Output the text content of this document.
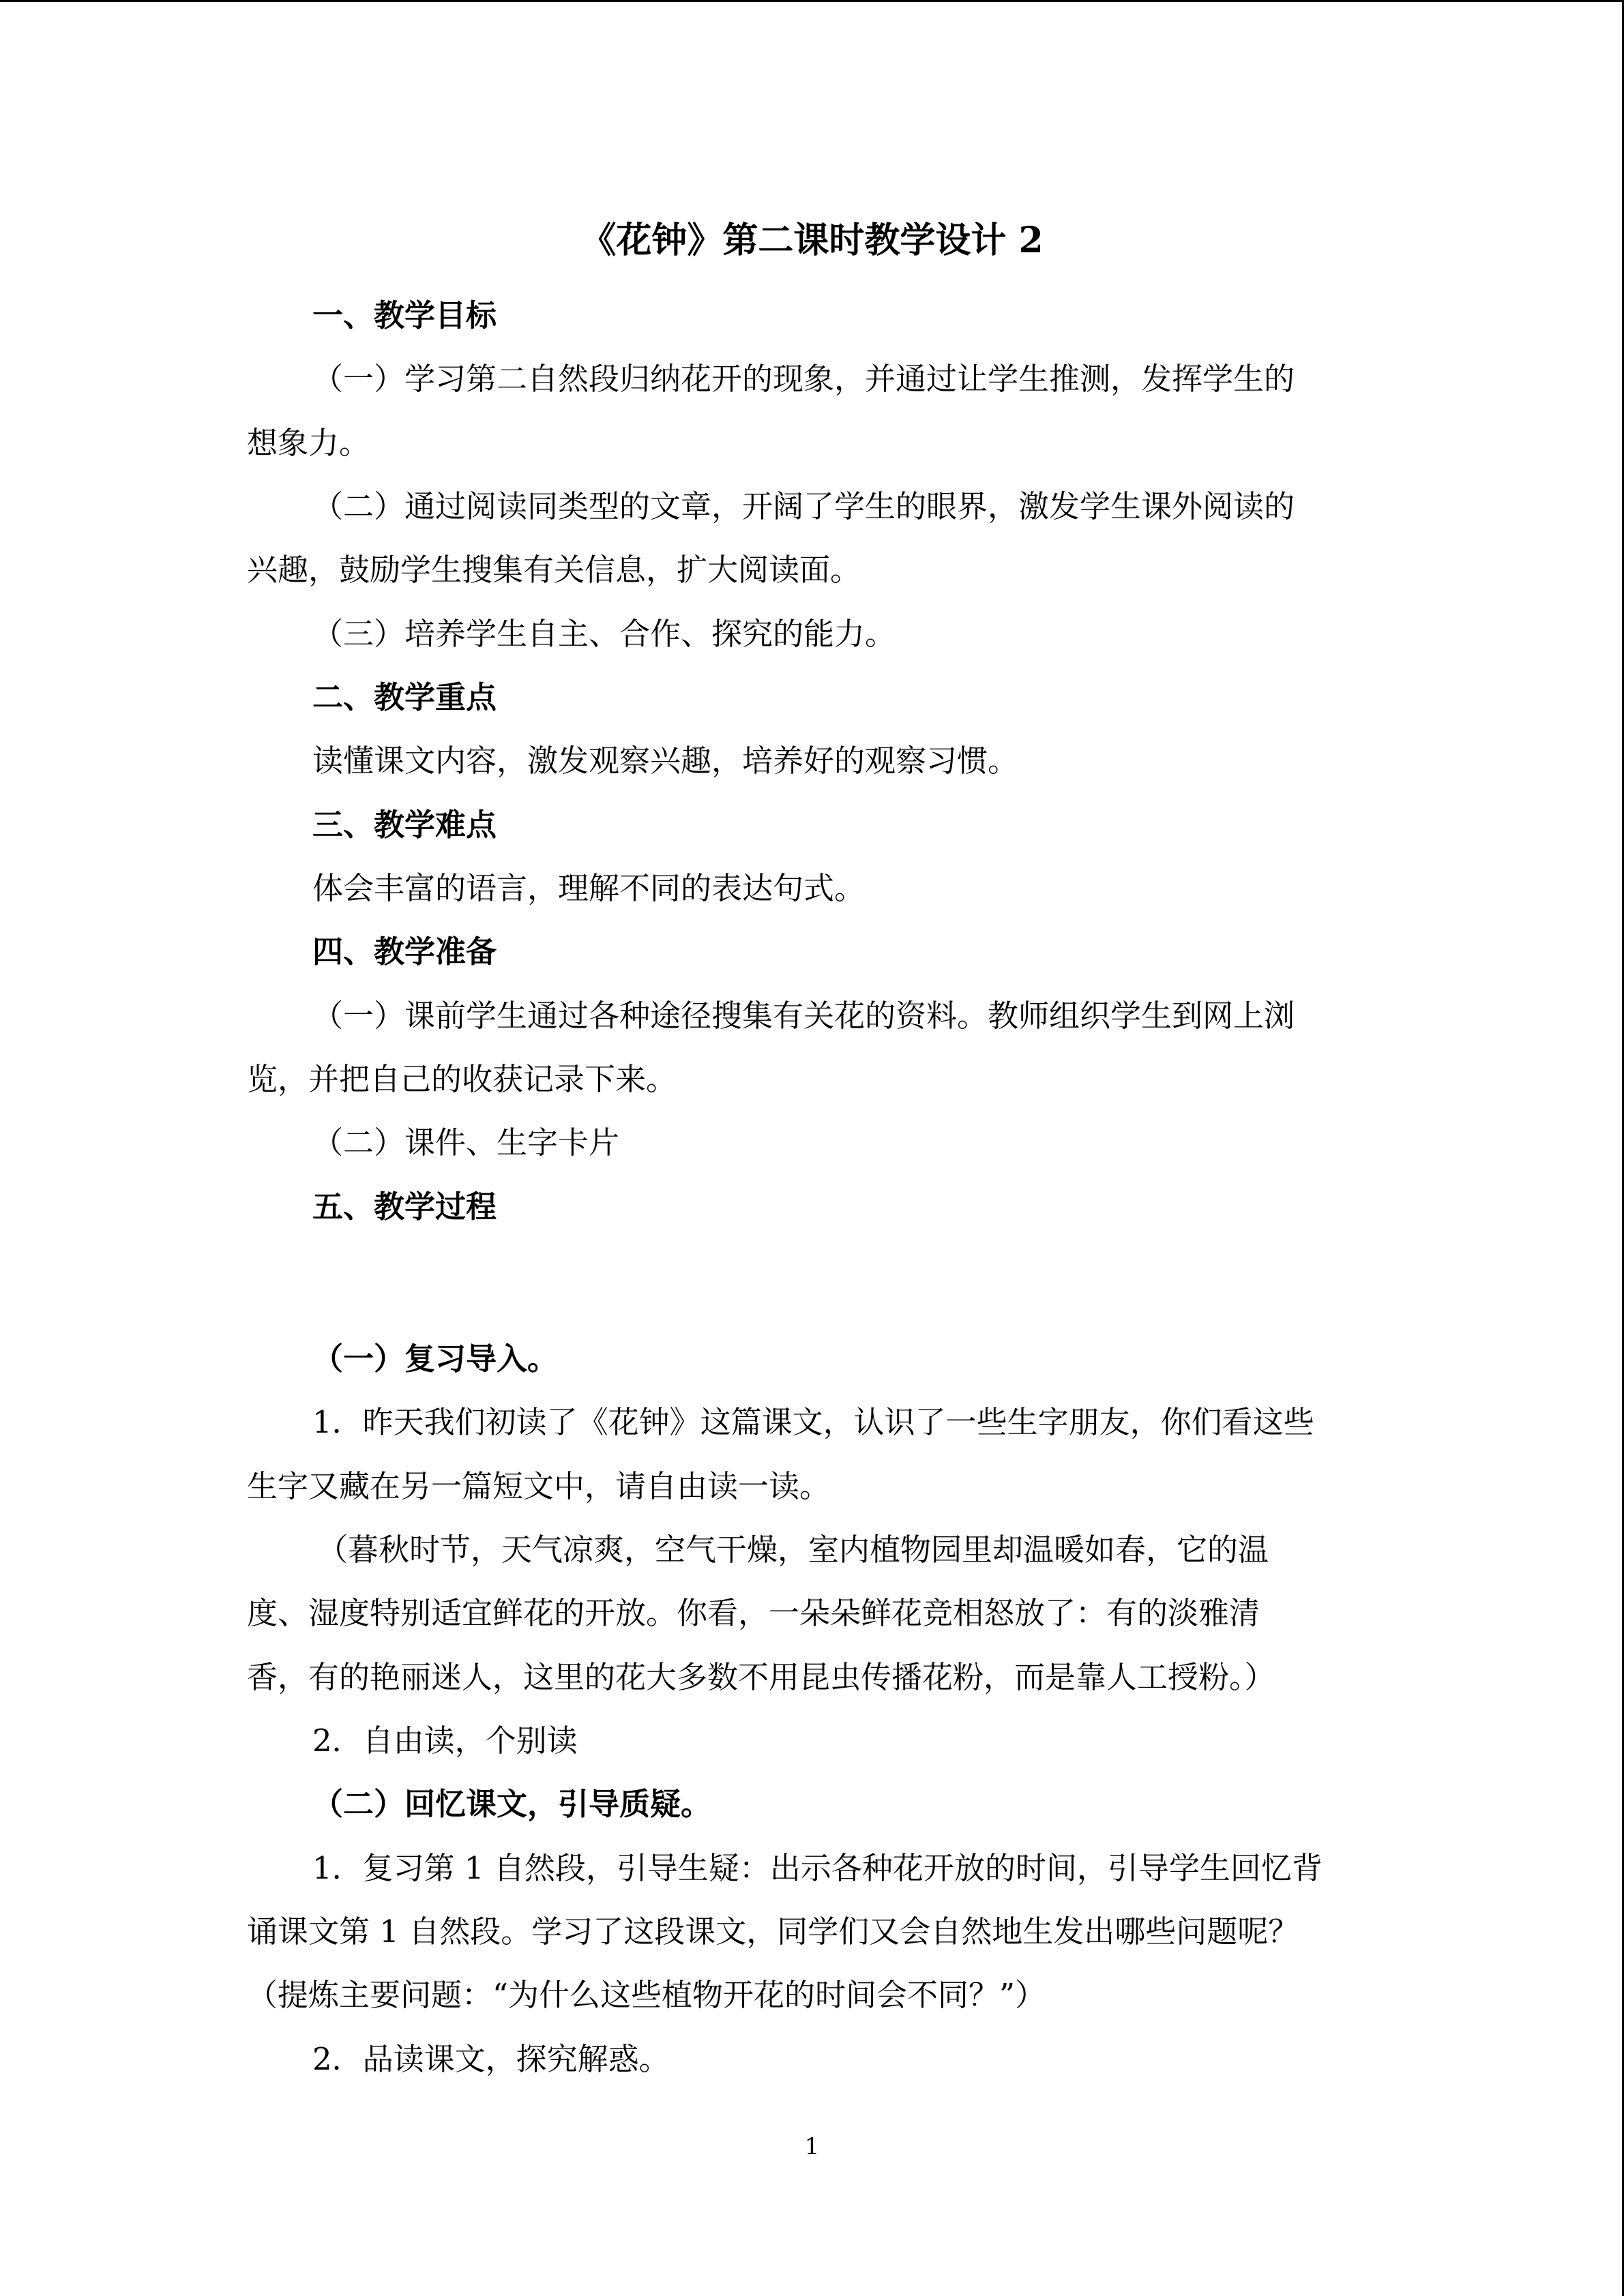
《花钟》第二课时教学设计 2
一、教学目标
（一）学习第二自然段归纳花开的现象，并通过让学生推测，发挥学生的
想象力。
（二）通过阅读同类型的文章，开阔了学生的眼界，激发学生课外阅读的
兴趣，鼓励学生搜集有关信息，扩大阅读面。
（三）培养学生自主、合作、探究的能力。
二、教学重点
读懂课文内容，激发观察兴趣，培养好的观察习惯。
三、教学难点
体会丰富的语言，理解不同的表达句式。
四、教学准备
（一）课前学生通过各种途径搜集有关花的资料。教师组织学生到网上浏
览，并把自己的收获记录下来。
（二）课件、生字卡片
五、教学过程
（一）复习导入。
1．昨天我们初读了《花钟》这篇课文，认识了一些生字朋友，你们看这些
生字又藏在另一篇短文中，请自由读一读。
（暮秋时节，天气凉爽，空气干燥，室内植物园里却温暖如春，它的温
度、湿度特别适宜鲜花的开放。你看，一朵朵鲜花竞相怒放了：有的淡雅清
香，有的艳丽迷人，这里的花大多数不用昆虫传播花粉，而是靠人工授粉。）
2．自由读，个别读
（二）回忆课文，引导质疑。
1．复习第 1 自然段，引导生疑：出示各种花开放的时间，引导学生回忆背
诵课文第 1 自然段。学习了这段课文，同学们又会自然地生发出哪些问题呢？
（提炼主要问题：“为什么这些植物开花的时间会不同？”）
2．品读课文，探究解惑。
1
